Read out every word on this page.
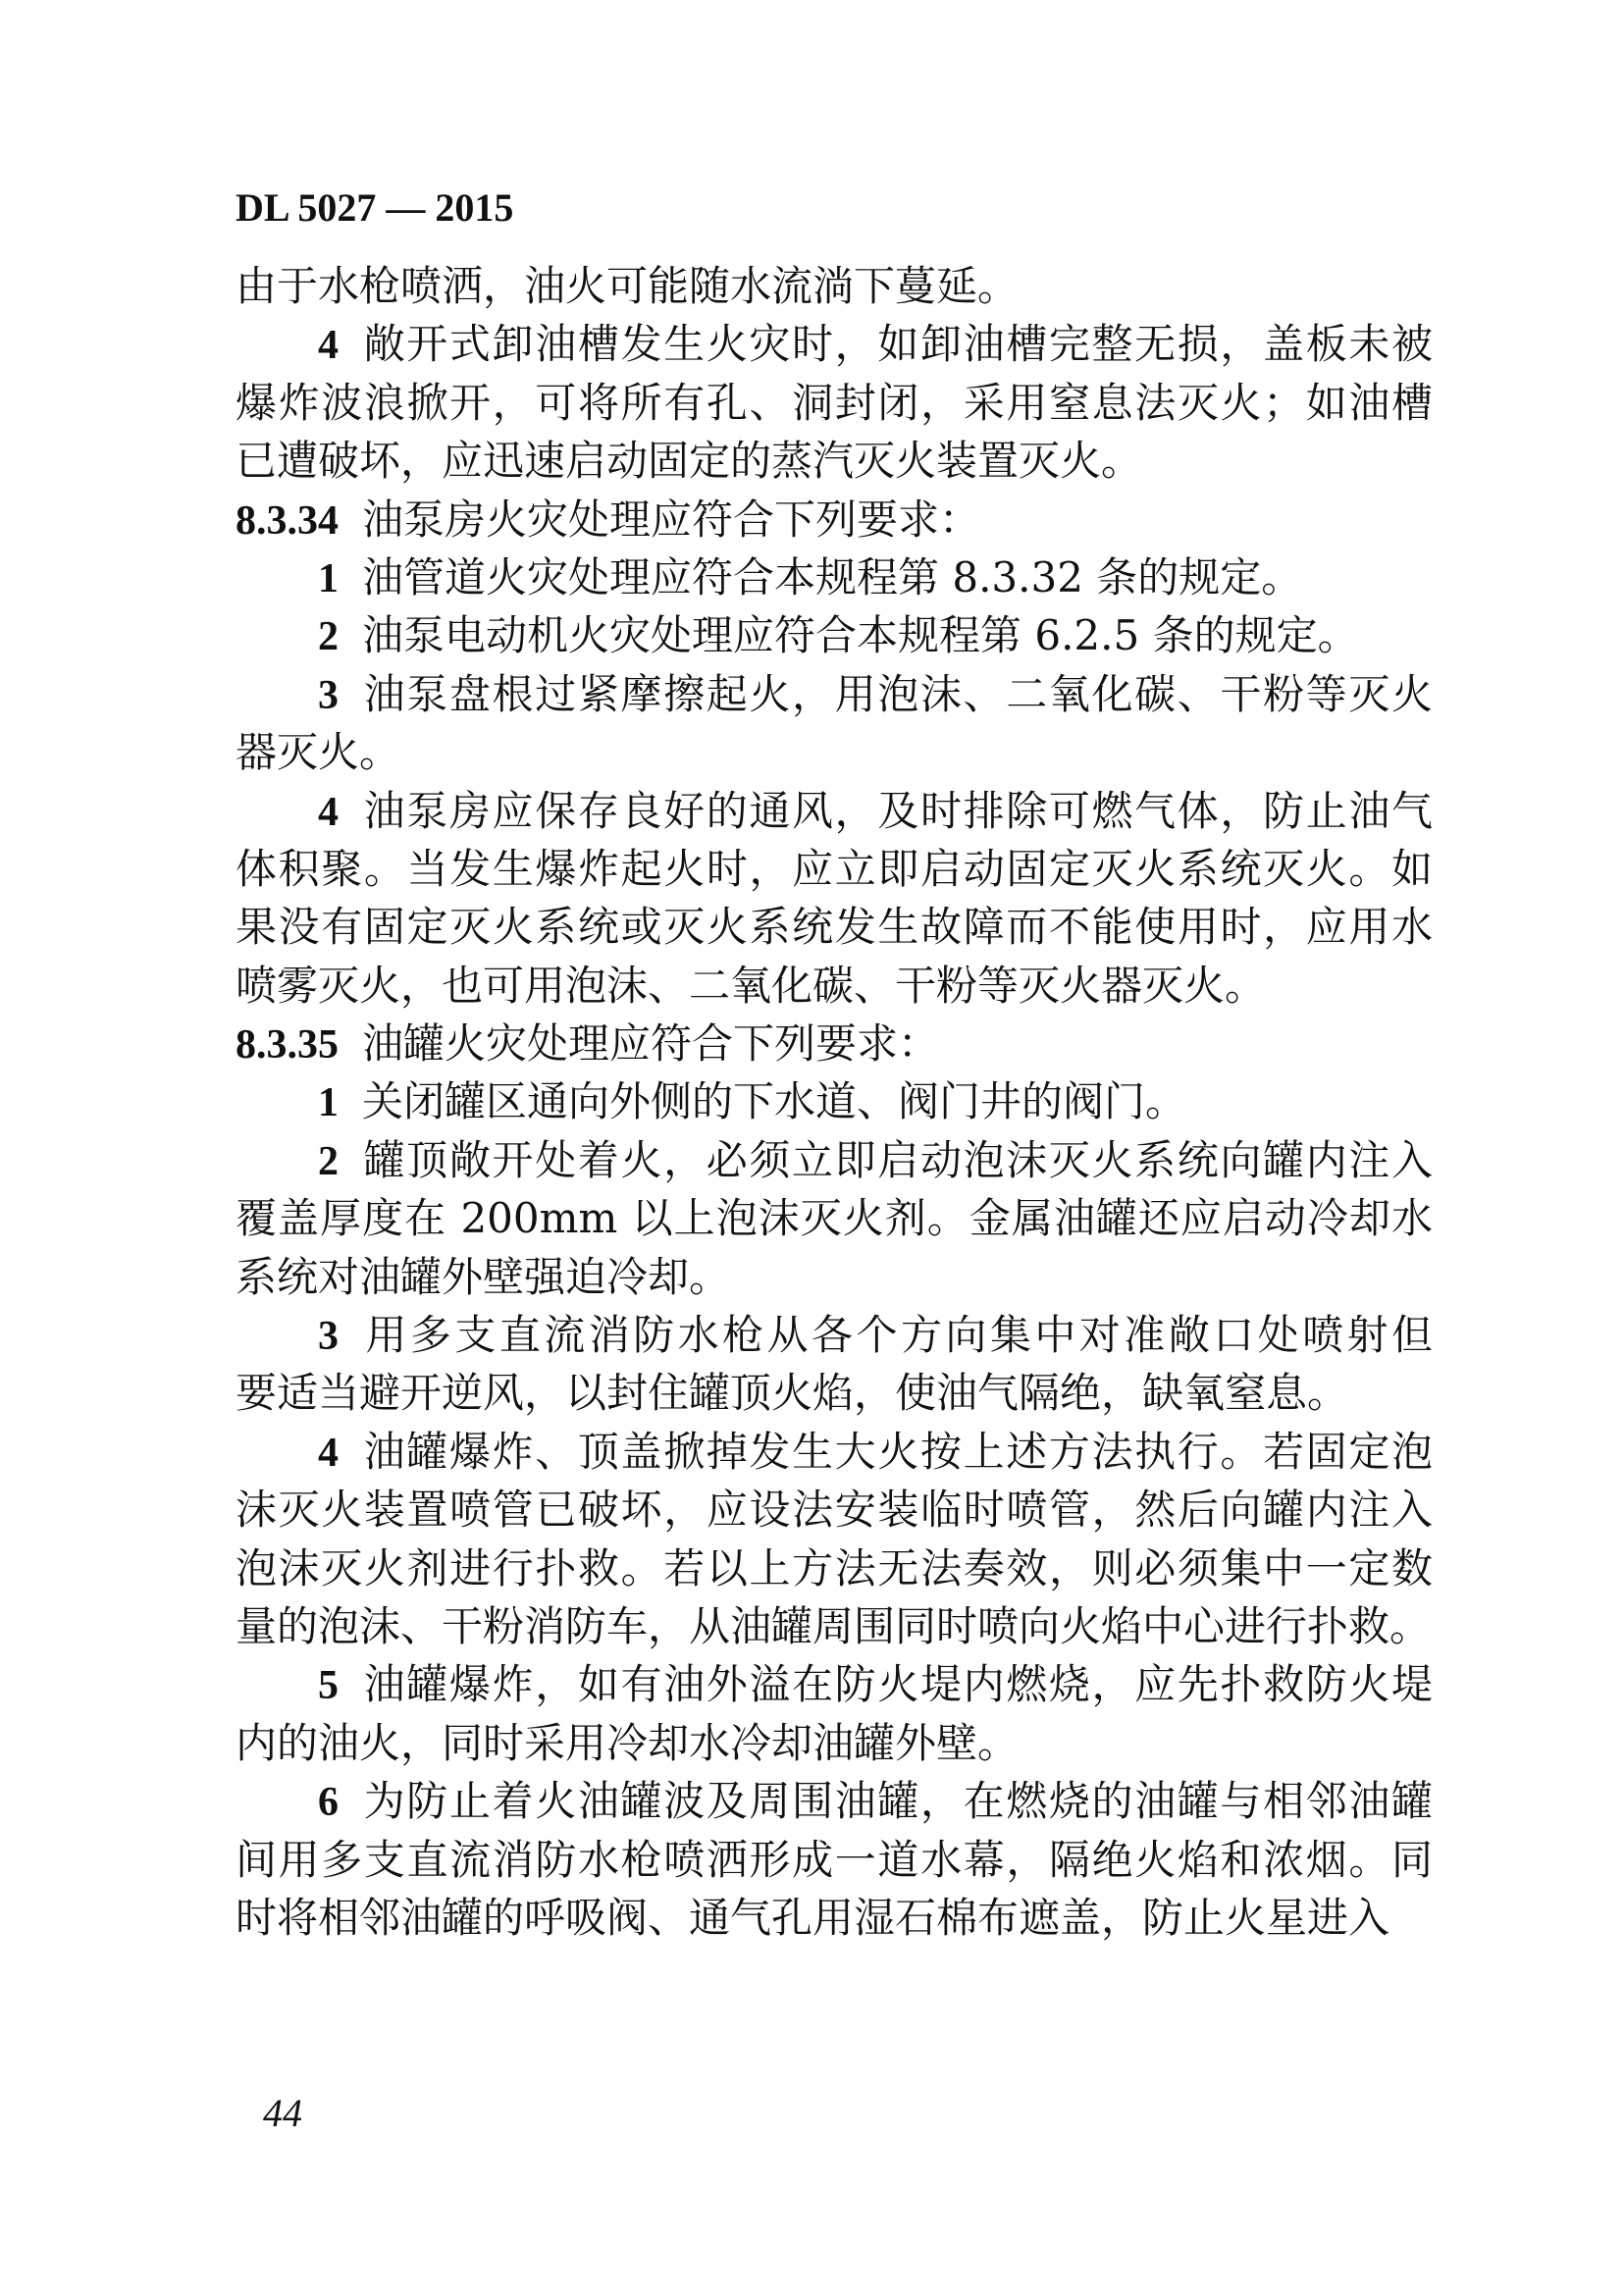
DL 5027 — 2015
由于水枪喷洒，油火可能随水流淌下蔓延。
4 敞开式卸油槽发生火灾时，如卸油槽完整无损，盖板未被
爆炸波浪掀开，可将所有孔、洞封闭，采用窒息法灭火；如油槽
已遭破坏，应迅速启动固定的蒸汽灭火装置灭火。
8.3.34 油泵房火灾处理应符合下列要求：
1 油管道火灾处理应符合本规程第 8.3.32 条的规定。
2 油泵电动机火灾处理应符合本规程第 6.2.5 条的规定。
3 油泵盘根过紧摩擦起火，用泡沫、二氧化碳、干粉等灭火
器灭火。
4 油泵房应保存良好的通风，及时排除可燃气体，防止油气
体积聚。当发生爆炸起火时，应立即启动固定灭火系统灭火。如
果没有固定灭火系统或灭火系统发生故障而不能使用时，应用水
喷雾灭火，也可用泡沫、二氧化碳、干粉等灭火器灭火。
8.3.35 油罐火灾处理应符合下列要求：
1 关闭罐区通向外侧的下水道、阀门井的阀门。
2 罐顶敞开处着火，必须立即启动泡沫灭火系统向罐内注入
覆盖厚度在 200mm 以上泡沫灭火剂。金属油罐还应启动冷却水
系统对油罐外壁强迫冷却。
3 用多支直流消防水枪从各个方向集中对准敞口处喷射但
要适当避开逆风，以封住罐顶火焰，使油气隔绝，缺氧窒息。
4 油罐爆炸、顶盖掀掉发生大火按上述方法执行。若固定泡
沫灭火装置喷管已破坏，应设法安装临时喷管，然后向罐内注入
泡沫灭火剂进行扑救。若以上方法无法奏效，则必须集中一定数
量的泡沫、干粉消防车，从油罐周围同时喷向火焰中心进行扑救。
5 油罐爆炸，如有油外溢在防火堤内燃烧，应先扑救防火堤
内的油火，同时采用冷却水冷却油罐外壁。
6 为防止着火油罐波及周围油罐，在燃烧的油罐与相邻油罐
间用多支直流消防水枪喷洒形成一道水幕，隔绝火焰和浓烟。同
时将相邻油罐的呼吸阀、通气孔用湿石棉布遮盖，防止火星进入
44
